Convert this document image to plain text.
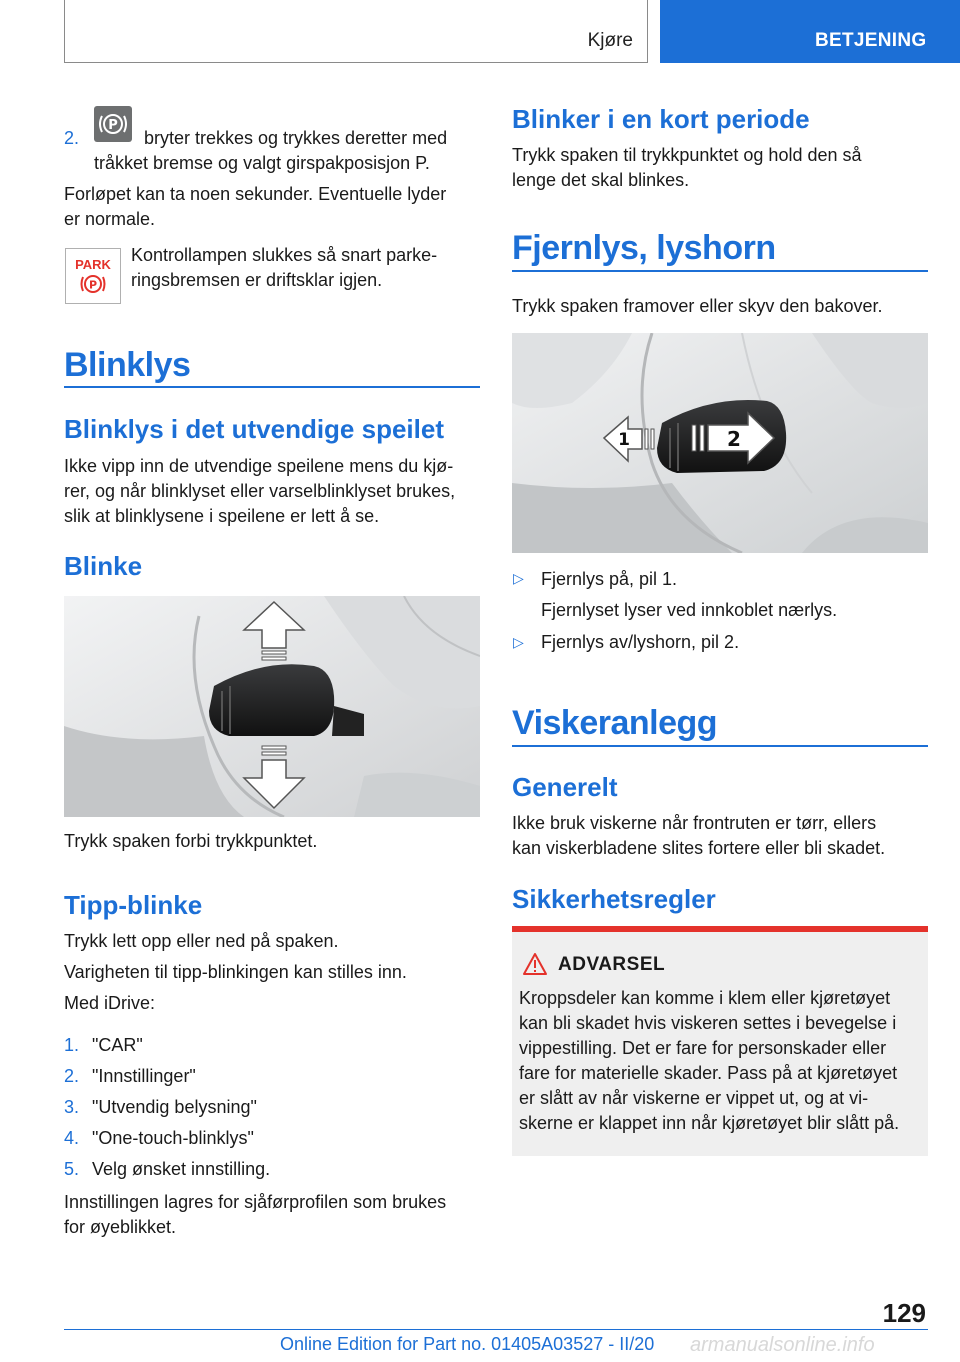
Kjøre	BETJENING
2.
P
bryter trekkes og trykkes deretter med
tråkket bremse og valgt girspakposisjon P.
Forløpet kan ta noen sekunder. Eventuelle lyder
er normale.
PARK
P
Kontrollampen slukkes så snart parke‐
ringsbremsen er driftsklar igjen.
Blinklys
Blinklys i det utvendige speilet
Ikke vipp inn de utvendige speilene mens du kjø‐
rer, og når blinklyset eller varselblinklyset brukes,
slik at blinklysene i speilene er lett å se.
Blinke
Trykk spaken forbi trykkpunktet.
Tipp-blinke
Trykk lett opp eller ned på spaken.
Varigheten til tipp-blinkingen kan stilles inn.
Med iDrive:
1. "CAR"
2. "Innstillinger"
3. "Utvendig belysning"
4. "One-touch-blinklys"
5. Velg ønsket innstilling.
Innstillingen lagres for sjåførprofilen som brukes
for øyeblikket.
Blinker i en kort periode
Trykk spaken til trykkpunktet og hold den så
lenge det skal blinkes.
Fjernlys, lyshorn
Trykk spaken framover eller skyv den bakover.
2
1
▷ Fjernlys på, pil 1.
Fjernlyset lyser ved innkoblet nærlys.
▷ Fjernlys av/lyshorn, pil 2.
Viskeranlegg
Generelt
Ikke bruk viskerne når frontruten er tørr, ellers
kan viskerbladene slites fortere eller bli skadet.
Sikkerhetsregler
ADVARSEL
Kroppsdeler kan komme i klem eller kjøretøyet
kan bli skadet hvis viskeren settes i bevegelse i
vippestilling. Det er fare for personskader eller
fare for materielle skader. Pass på at kjøretøyet
er slått av når viskerne er vippet ut, og at vi‐
skerne er klappet inn når kjøretøyet blir slått på.
129
Online Edition for Part no. 01405A03527 - II/20 armanualsonline.info
